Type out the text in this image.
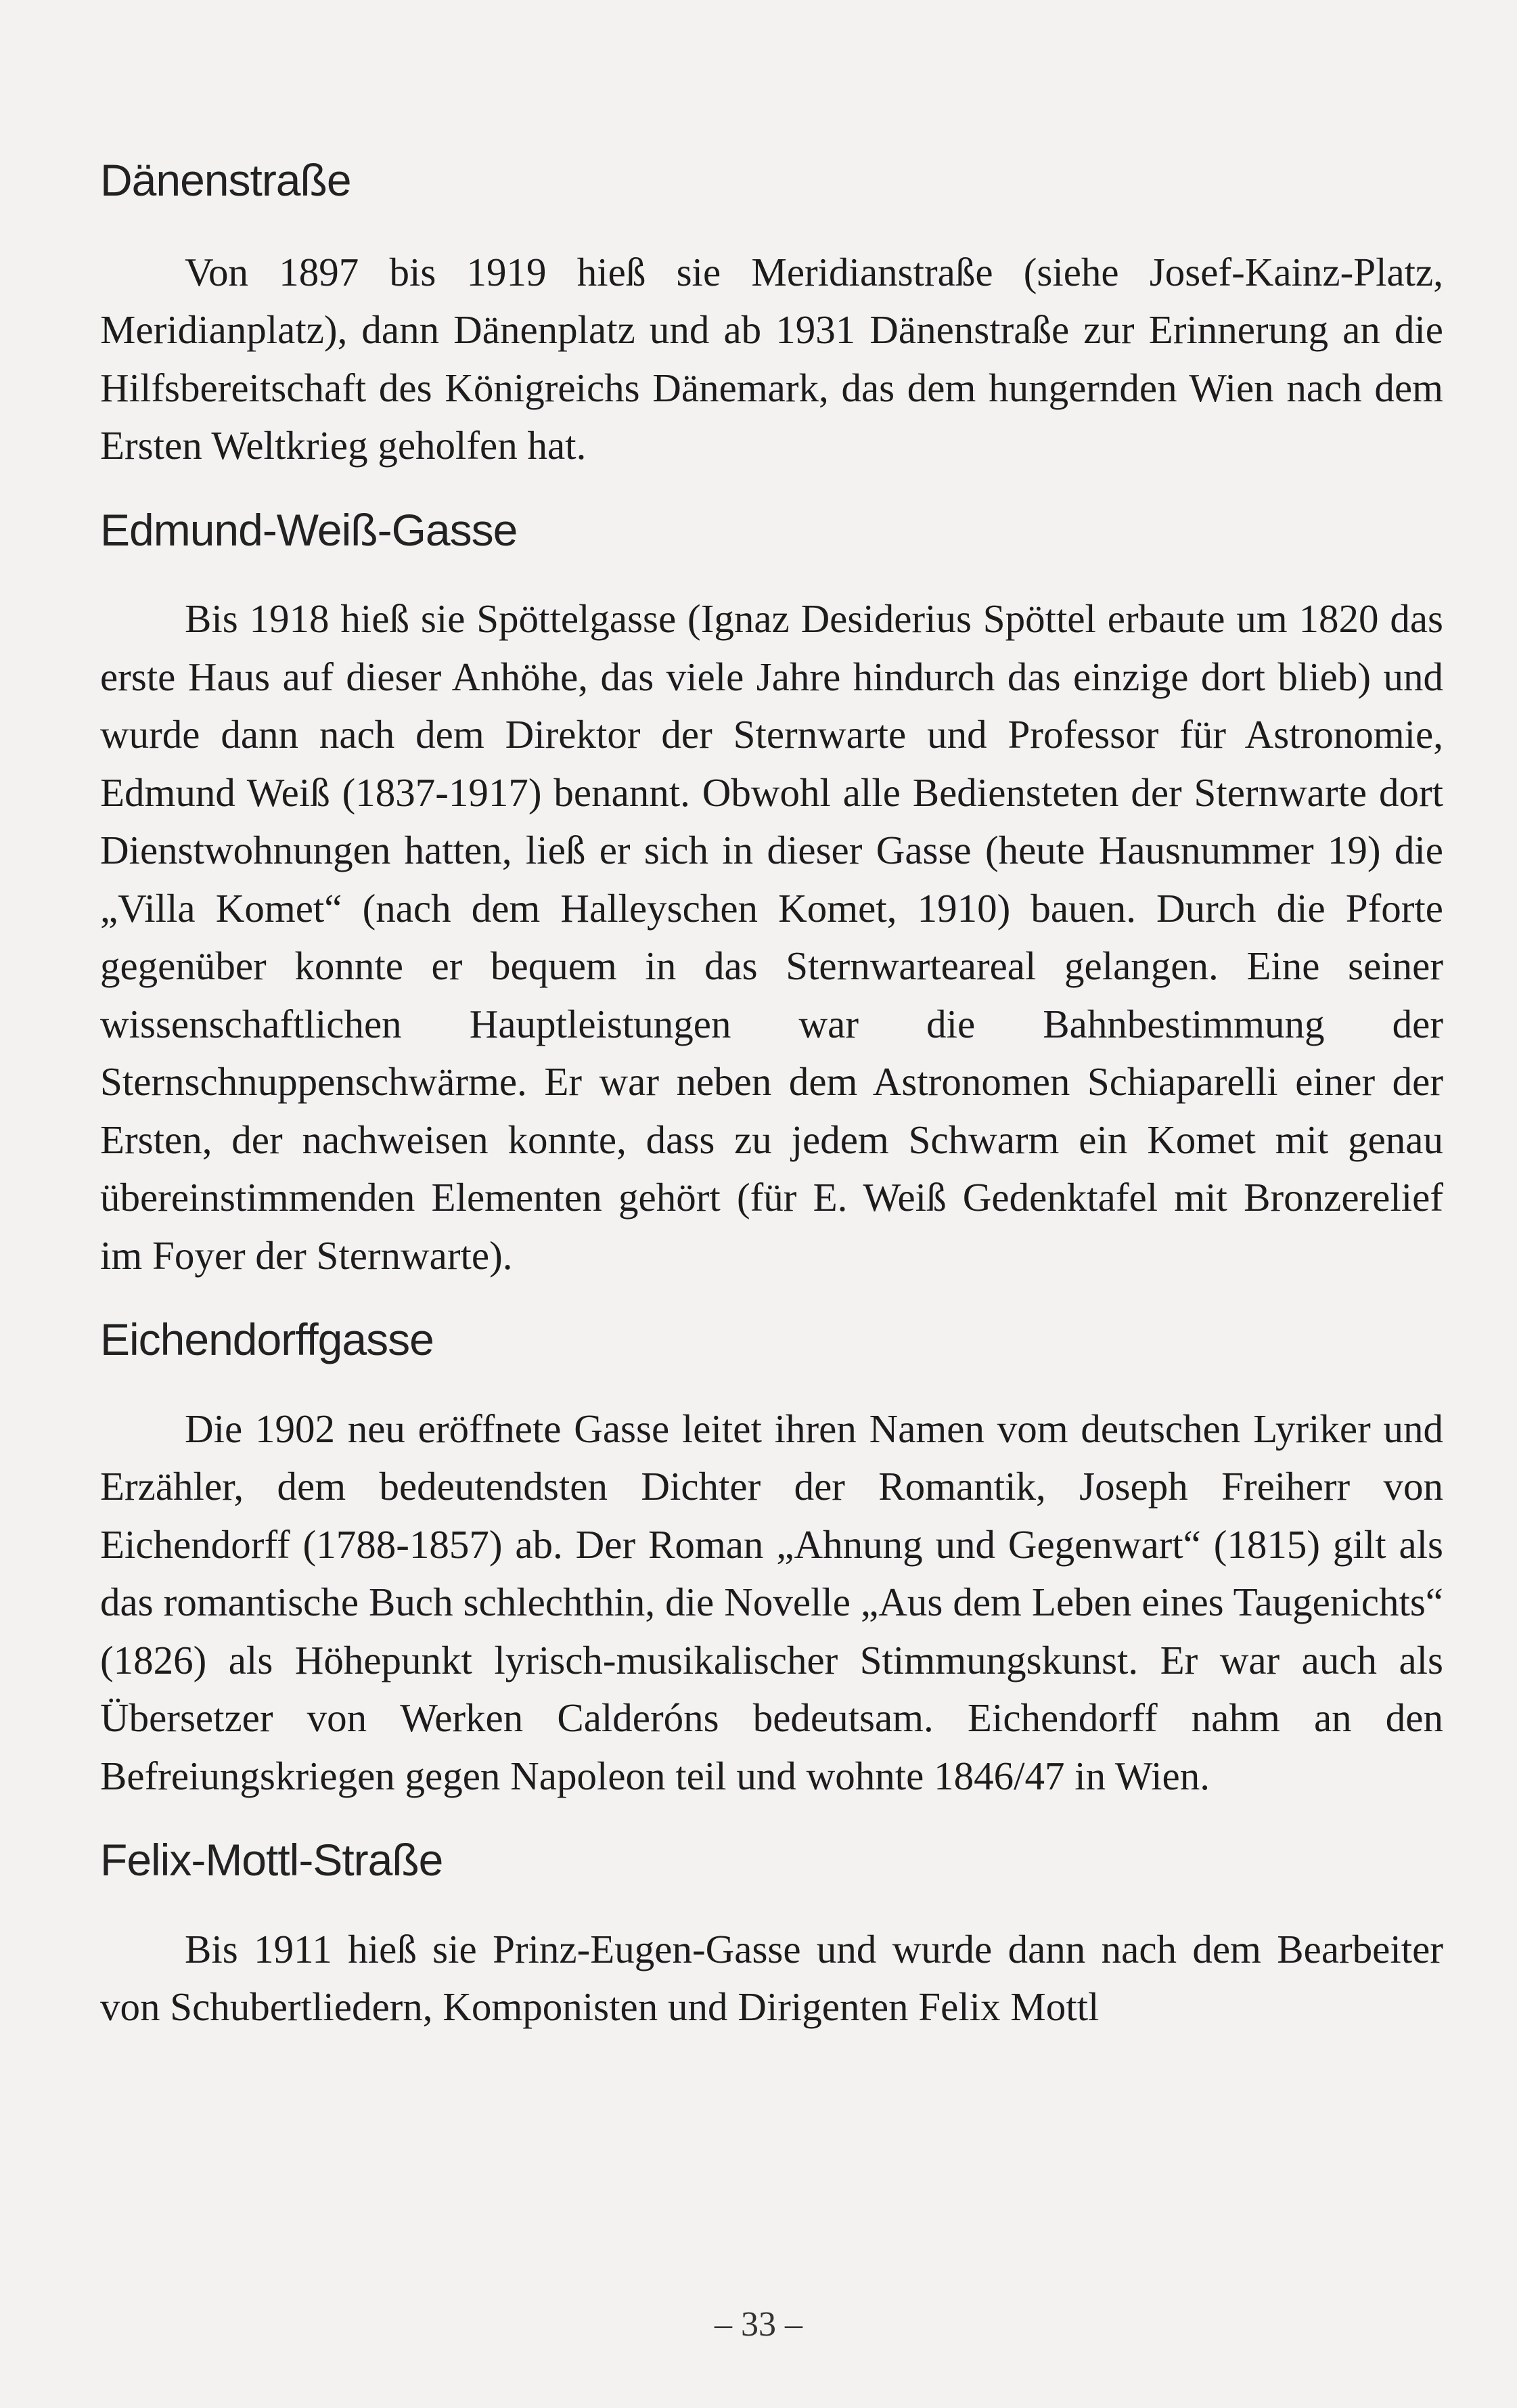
Dänenstraße

Von 1897 bis 1919 hieß sie Meridianstraße (siehe Josef-Kainz-Platz, Meridianplatz), dann Dänenplatz und ab 1931 Dänenstraße zur Erinnerung an die Hilfsbereitschaft des Königreichs Dänemark, das dem hungernden Wien nach dem Ersten Weltkrieg geholfen hat.

Edmund-Weiß-Gasse

Bis 1918 hieß sie Spöttelgasse (Ignaz Desiderius Spöttel erbaute um 1820 das erste Haus auf dieser Anhöhe, das viele Jahre hindurch das einzige dort blieb) und wurde dann nach dem Direktor der Sternwarte und Professor für Astronomie, Edmund Weiß (1837-1917) benannt. Obwohl alle Bediensteten der Sternwarte dort Dienstwohnungen hatten, ließ er sich in dieser Gasse (heute Hausnummer 19) die „Villa Komet“ (nach dem Halleyschen Komet, 1910) bauen. Durch die Pforte gegenüber konnte er bequem in das Sternwarteareal gelangen. Eine seiner wissenschaftlichen Hauptleistungen war die Bahnbestimmung der Sternschnuppenschwärme. Er war neben dem Astronomen Schiaparelli einer der Ersten, der nachweisen konnte, dass zu jedem Schwarm ein Komet mit genau übereinstimmenden Elementen gehört (für E. Weiß Gedenktafel mit Bronzerelief im Foyer der Sternwarte).

Eichendorffgasse

Die 1902 neu eröffnete Gasse leitet ihren Namen vom deutschen Lyriker und Erzähler, dem bedeutendsten Dichter der Romantik, Joseph Freiherr von Eichendorff (1788-1857) ab. Der Roman „Ahnung und Gegenwart“ (1815) gilt als das romantische Buch schlechthin, die Novelle „Aus dem Leben eines Taugenichts“ (1826) als Höhepunkt lyrisch-musikalischer Stimmungskunst. Er war auch als Übersetzer von Werken Calderóns bedeutsam. Eichendorff nahm an den Befreiungskriegen gegen Napoleon teil und wohnte 1846/47 in Wien.

Felix-Mottl-Straße

Bis 1911 hieß sie Prinz-Eugen-Gasse und wurde dann nach dem Bearbeiter von Schubertliedern, Komponisten und Dirigenten Felix Mottl

– 33 –
